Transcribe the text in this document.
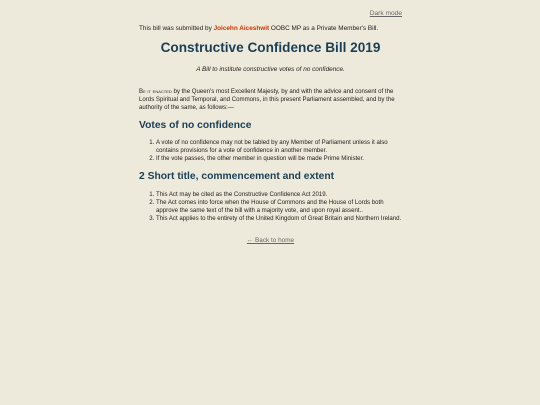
Dark mode
This bill was submitted by Joicehn Aiceshwit OOBC MP as a Private Member's Bill.
Constructive Confidence Bill 2019

A Bill to institute constructive votes of no confidence.

Be it enacted by the Queen's most Excellent Majesty, by and with the advice and consent of the Lords Spiritual and Temporal, and Commons, in this present Parliament assembled, and by the authority of the same, as follows:—

Votes of no confidence
1. A vote of no confidence may not be tabled by any Member of Parliament unless it also contains provisions for a vote of confidence in another member.
2. If the vote passes, the other member in question will be made Prime Minister.
2 Short title, commencement and extent
1. This Act may be cited as the Constructive Confidence Act 2019.
2. The Act comes into force when the House of Commons and the House of Lords both approve the same text of the bill with a majority vote, and upon royal assent..
3. This Act applies to the entirety of the United Kingdom of Great Britain and Northern Ireland.
← Back to home
